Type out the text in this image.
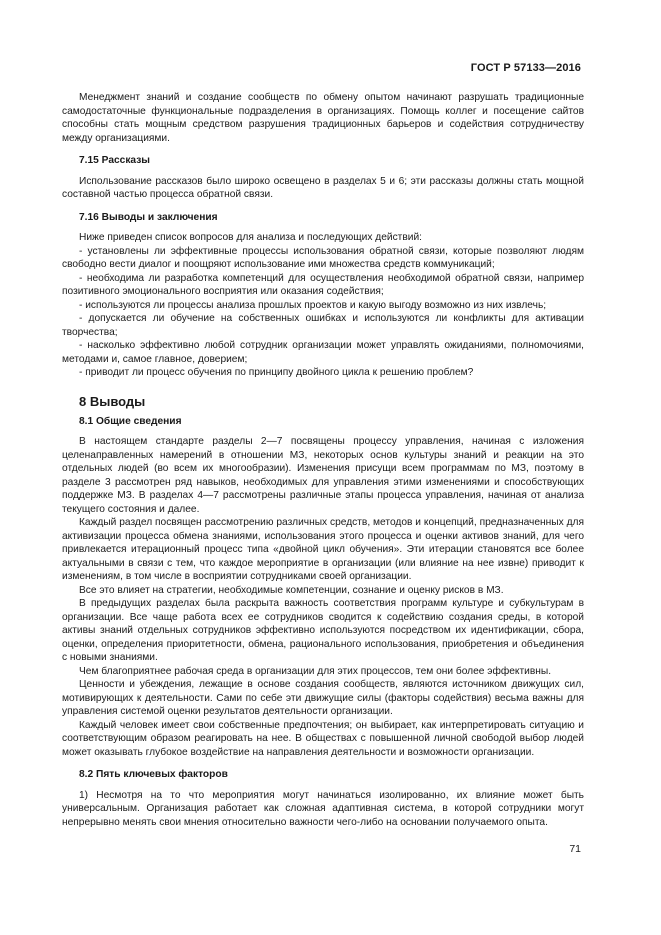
ГОСТ Р 57133—2016

Менеджмент знаний и создание сообществ по обмену опытом начинают разрушать традиционные самодостаточные функциональные подразделения в организациях. Помощь коллег и посещение сайтов способны стать мощным средством разрушения традиционных барьеров и содействия сотрудничеству между организациями.

7.15 Рассказы

Использование рассказов было широко освещено в разделах 5 и 6; эти рассказы должны стать мощной составной частью процесса обратной связи.

7.16 Выводы и заключения

Ниже приведен список вопросов для анализа и последующих действий:

- установлены ли эффективные процессы использования обратной связи, которые позволяют людям свободно вести диалог и поощряют использование ими множества средств коммуникаций;

- необходима ли разработка компетенций для осуществления необходимой обратной связи, например позитивного эмоционального восприятия или оказания содействия;

- используются ли процессы анализа прошлых проектов и какую выгоду возможно из них извлечь;

- допускается ли обучение на собственных ошибках и используются ли конфликты для активации творчества;

- насколько эффективно любой сотрудник организации может управлять ожиданиями, полномочиями, методами и, самое главное, доверием;

- приводит ли процесс обучения по принципу двойного цикла к решению проблем?

8 Выводы
8.1 Общие сведения

В настоящем стандарте разделы 2—7 посвящены процессу управления, начиная с изложения целенаправленных намерений в отношении МЗ, некоторых основ культуры знаний и реакции на это отдельных людей (во всем их многообразии). Изменения присущи всем программам по МЗ, поэтому в разделе 3 рассмотрен ряд навыков, необходимых для управления этими изменениями и способствующих поддержке МЗ. В разделах 4—7 рассмотрены различные этапы процесса управления, начиная от анализа текущего состояния и далее.

Каждый раздел посвящен рассмотрению различных средств, методов и концепций, предназначенных для активизации процесса обмена знаниями, использования этого процесса и оценки активов знаний, для чего привлекается итерационный процесс типа «двойной цикл обучения». Эти итерации становятся все более актуальными в связи с тем, что каждое мероприятие в организации (или влияние на нее извне) приводит к изменениям, в том числе в восприятии сотрудниками своей организации.

Все это влияет на стратегии, необходимые компетенции, сознание и оценку рисков в МЗ.

В предыдущих разделах была раскрыта важность соответствия программ культуре и субкультурам в организации. Все чаще работа всех ее сотрудников сводится к содействию создания среды, в которой активы знаний отдельных сотрудников эффективно используются посредством их идентификации, сбора, оценки, определения приоритетности, обмена, рационального использования, приобретения и объединения с новыми знаниями.

Чем благоприятнее рабочая среда в организации для этих процессов, тем они более эффективны.

Ценности и убеждения, лежащие в основе создания сообществ, являются источником движущих сил, мотивирующих к деятельности. Сами по себе эти движущие силы (факторы содействия) весьма важны для управления системой оценки результатов деятельности организации.

Каждый человек имеет свои собственные предпочтения; он выбирает, как интерпретировать ситуацию и соответствующим образом реагировать на нее. В обществах с повышенной личной свободой выбор людей может оказывать глубокое воздействие на направления деятельности и возможности организации.

8.2 Пять ключевых факторов

1) Несмотря на то что мероприятия могут начинаться изолированно, их влияние может быть универсальным. Организация работает как сложная адаптивная система, в которой сотрудники могут непрерывно менять свои мнения относительно важности чего-либо на основании получаемого опыта.

71
